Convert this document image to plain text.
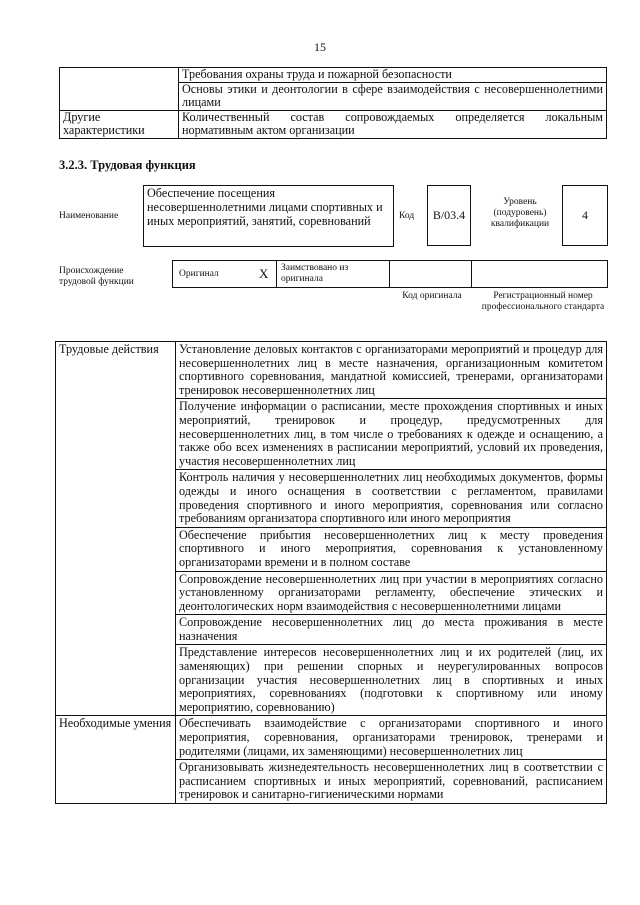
15
	Требования охраны труда и пожарной безопасности
	Основы этики и деонтологии в сфере взаимодействия с несовершеннолетними лицами
Другие характеристики	Количественный состав сопровождаемых определяется локальным нормативным актом организации
3.2.3. Трудовая функция
Наименование
Обеспечение посещения несовершеннолетними лицами спортивных и иных мероприятий, занятий, соревнований	Код	B/03.4
Уровень (подуровень) квалификации
4
Происхождение трудовой функции
Оригинал	X Заимствовано из оригинала
Код оригинала	Регистрационный номер профессионального стандарта
Трудовые действия	Установление деловых контактов с организаторами мероприятий и процедур для несовершеннолетних лиц в месте назначения, организационным комитетом спортивного соревнования, мандатной комиссией, тренерами, организаторами тренировок несовершеннолетних лиц
	Получение информации о расписании, месте прохождения спортивных и иных мероприятий, тренировок и процедур, предусмотренных для несовершеннолетних лиц, в том числе о требованиях к одежде и оснащению, а также обо всех изменениях в расписании мероприятий, условий их проведения, участия несовершеннолетних лиц
	Контроль наличия у несовершеннолетних лиц необходимых документов, формы одежды и иного оснащения в соответствии с регламентом, правилами проведения спортивного и иного мероприятия, соревнования или согласно требованиям организатора спортивного или иного мероприятия
	Обеспечение прибытия несовершеннолетних лиц к месту проведения спортивного и иного мероприятия, соревнования к установленному организаторами времени и в полном составе
	Сопровождение несовершеннолетних лиц при участии в мероприятиях согласно установленному организаторами регламенту, обеспечение этических и деонтологических норм взаимодействия с несовершеннолетними лицами
	Сопровождение несовершеннолетних лиц до места проживания в месте назначения
	Представление интересов несовершеннолетних лиц и их родителей (лиц, их заменяющих) при решении спорных и неурегулированных вопросов организации участия несовершеннолетних лиц в спортивных и иных мероприятиях, соревнованиях (подготовки к спортивному или иному мероприятию, соревнованию)
Необходимые умения	Обеспечивать взаимодействие с организаторами спортивного и иного мероприятия, соревнования, организаторами тренировок, тренерами и родителями (лицами, их заменяющими) несовершеннолетних лиц
	Организовывать жизнедеятельность несовершеннолетних лиц в соответствии с расписанием спортивных и иных мероприятий, соревнований, расписанием тренировок и санитарно-гигиеническими нормами
